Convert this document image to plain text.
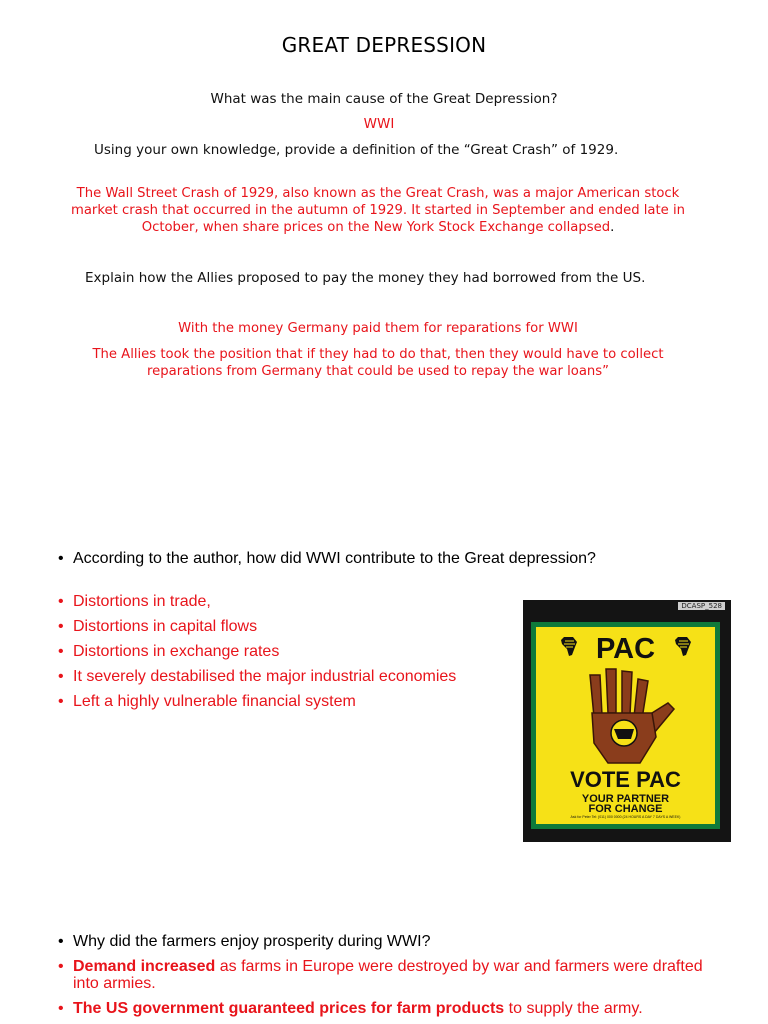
GREAT DEPRESSION
What was the main cause of the Great Depression?
WWI
Using your own knowledge, provide a definition of the “Great Crash” of 1929.
The Wall Street Crash of 1929, also known as the Great Crash, was a major American stock
market crash that occurred in the autumn of 1929. It started in September and ended late in
October, when share prices on the New York Stock Exchange collapsed.
Explain how the Allies proposed to pay the money they had borrowed from the US.
With the money Germany paid them for reparations for WWI
The Allies took the position that if they had to do that, then they would have to collect
reparations from Germany that could be used to repay the war loans”
• According to the author, how did WWI contribute to the Great depression?
• Distortions in trade,
• Distortions in capital flows
• Distortions in exchange rates
• It severely destabilised the major industrial economies
• Left a highly vulnerable financial system
DCASP_528
PAC
VOTE PAC
YOUR PARTNER
FOR CHANGE
Ask for Peter Tel: (011) 000 0000 (24 HOURS A DAY 7 DAYS A WEEK)
• Why did the farmers enjoy prosperity during WWI?
• Demand increased as farms in Europe were destroyed by war and farmers were drafted into armies.
• The US government guaranteed prices for farm products to supply the army.
